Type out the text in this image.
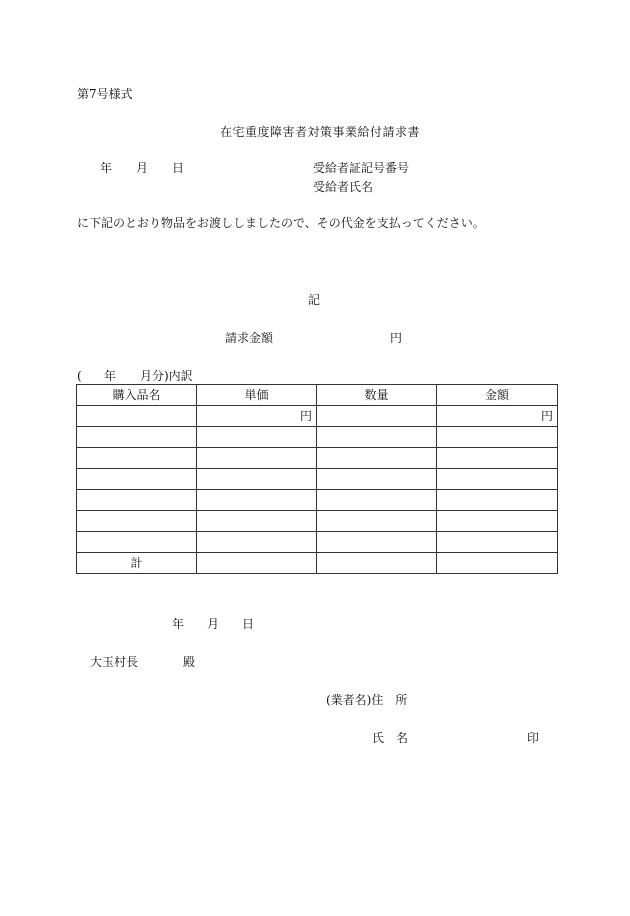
第7号様式
在宅重度障害者対策事業給付請求書
年 月 日	受給者証記号番号
受給者氏名
に下記のとおり物品をお渡ししましたので、その代金を支払ってください。
記
請求金額	円
( 年 月分)内訳
購入品名	単価	数量	金額
	円		円

計			
年 月 日
大玉村長	殿
(業者名)住　所
氏　名	印
